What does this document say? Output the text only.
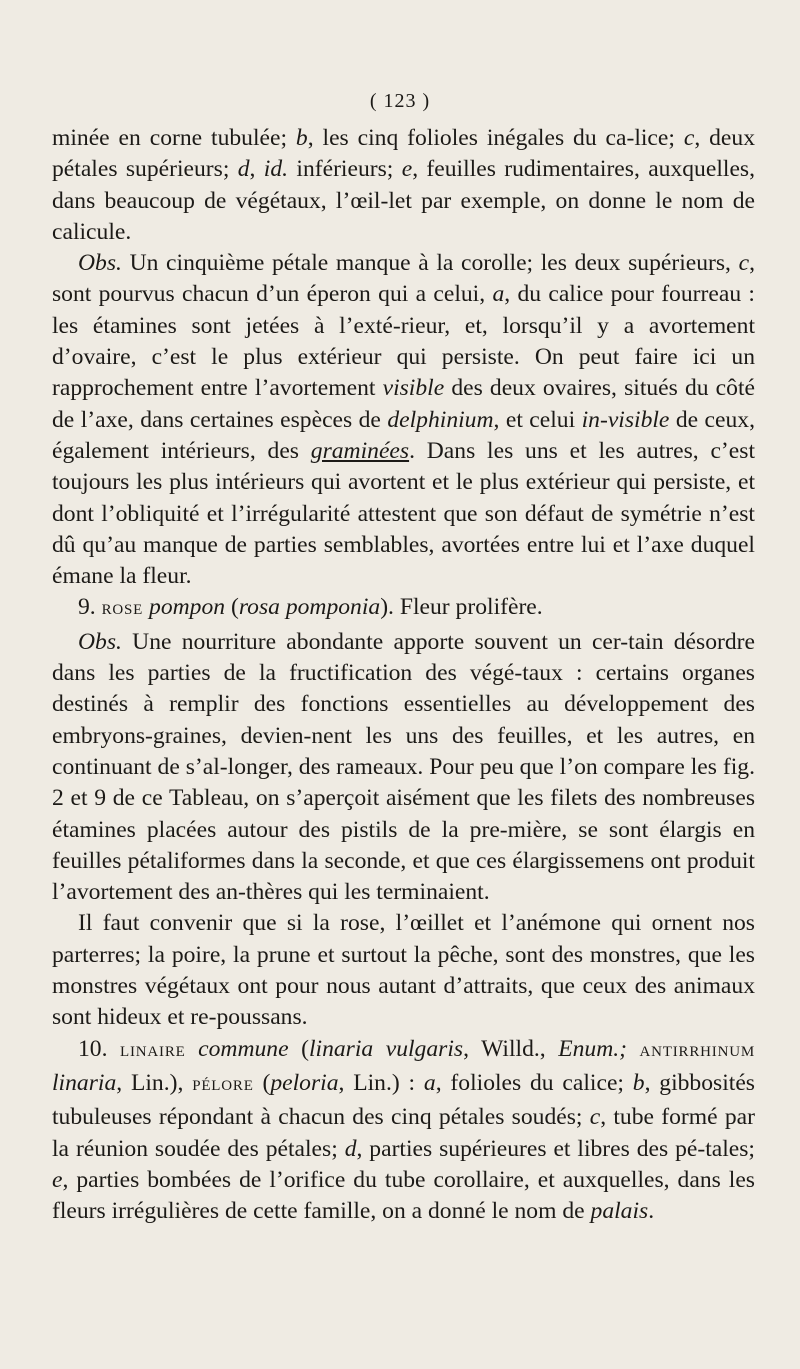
( 123 )

minée en corne tubulée; b, les cinq folioles inégales du ca-lice; c, deux pétales supérieurs; d, id. inférieurs; e, feuilles rudimentaires, auxquelles, dans beaucoup de végétaux, l’œil-let par exemple, on donne le nom de calicule.

Obs. Un cinquième pétale manque à la corolle; les deux supérieurs, c, sont pourvus chacun d’un éperon qui a celui, a, du calice pour fourreau : les étamines sont jetées à l’exté-rieur, et, lorsqu’il y a avortement d’ovaire, c’est le plus extérieur qui persiste. On peut faire ici un rapprochement entre l’avortement visible des deux ovaires, situés du côté de l’axe, dans certaines espèces de delphinium, et celui in-visible de ceux, également intérieurs, des graminées. Dans les uns et les autres, c’est toujours les plus intérieurs qui avortent et le plus extérieur qui persiste, et dont l’obliquité et l’irrégularité attestent que son défaut de symétrie n’est dû qu’au manque de parties semblables, avortées entre lui et l’axe duquel émane la fleur.

9. ROSE pompon (rosa pomponia). Fleur prolifère.

Obs. Une nourriture abondante apporte souvent un cer-tain désordre dans les parties de la fructification des végé-taux : certains organes destinés à remplir des fonctions essentielles au développement des embryons-graines, devien-nent les uns des feuilles, et les autres, en continuant de s’al-longer, des rameaux. Pour peu que l’on compare les fig. 2 et 9 de ce Tableau, on s’aperçoit aisément que les filets des nombreuses étamines placées autour des pistils de la pre-mière, se sont élargis en feuilles pétaliformes dans la seconde, et que ces élargissemens ont produit l’avortement des an-thères qui les terminaient.

Il faut convenir que si la rose, l’œillet et l’anémone qui ornent nos parterres; la poire, la prune et surtout la pêche, sont des monstres, que les monstres végétaux ont pour nous autant d’attraits, que ceux des animaux sont hideux et re-poussans.

10. LINAIRE commune (linaria vulgaris, Willd., Enum.; ANTIRRHINUM linaria, Lin.), PÉLORE (peloria, Lin.) : a, folioles du calice; b, gibbosités tubuleuses répondant à chacun des cinq pétales soudés; c, tube formé par la réunion soudée des pétales; d, parties supérieures et libres des pé-tales; e, parties bombées de l’orifice du tube corollaire, et auxquelles, dans les fleurs irrégulières de cette famille, on a donné le nom de palais.
